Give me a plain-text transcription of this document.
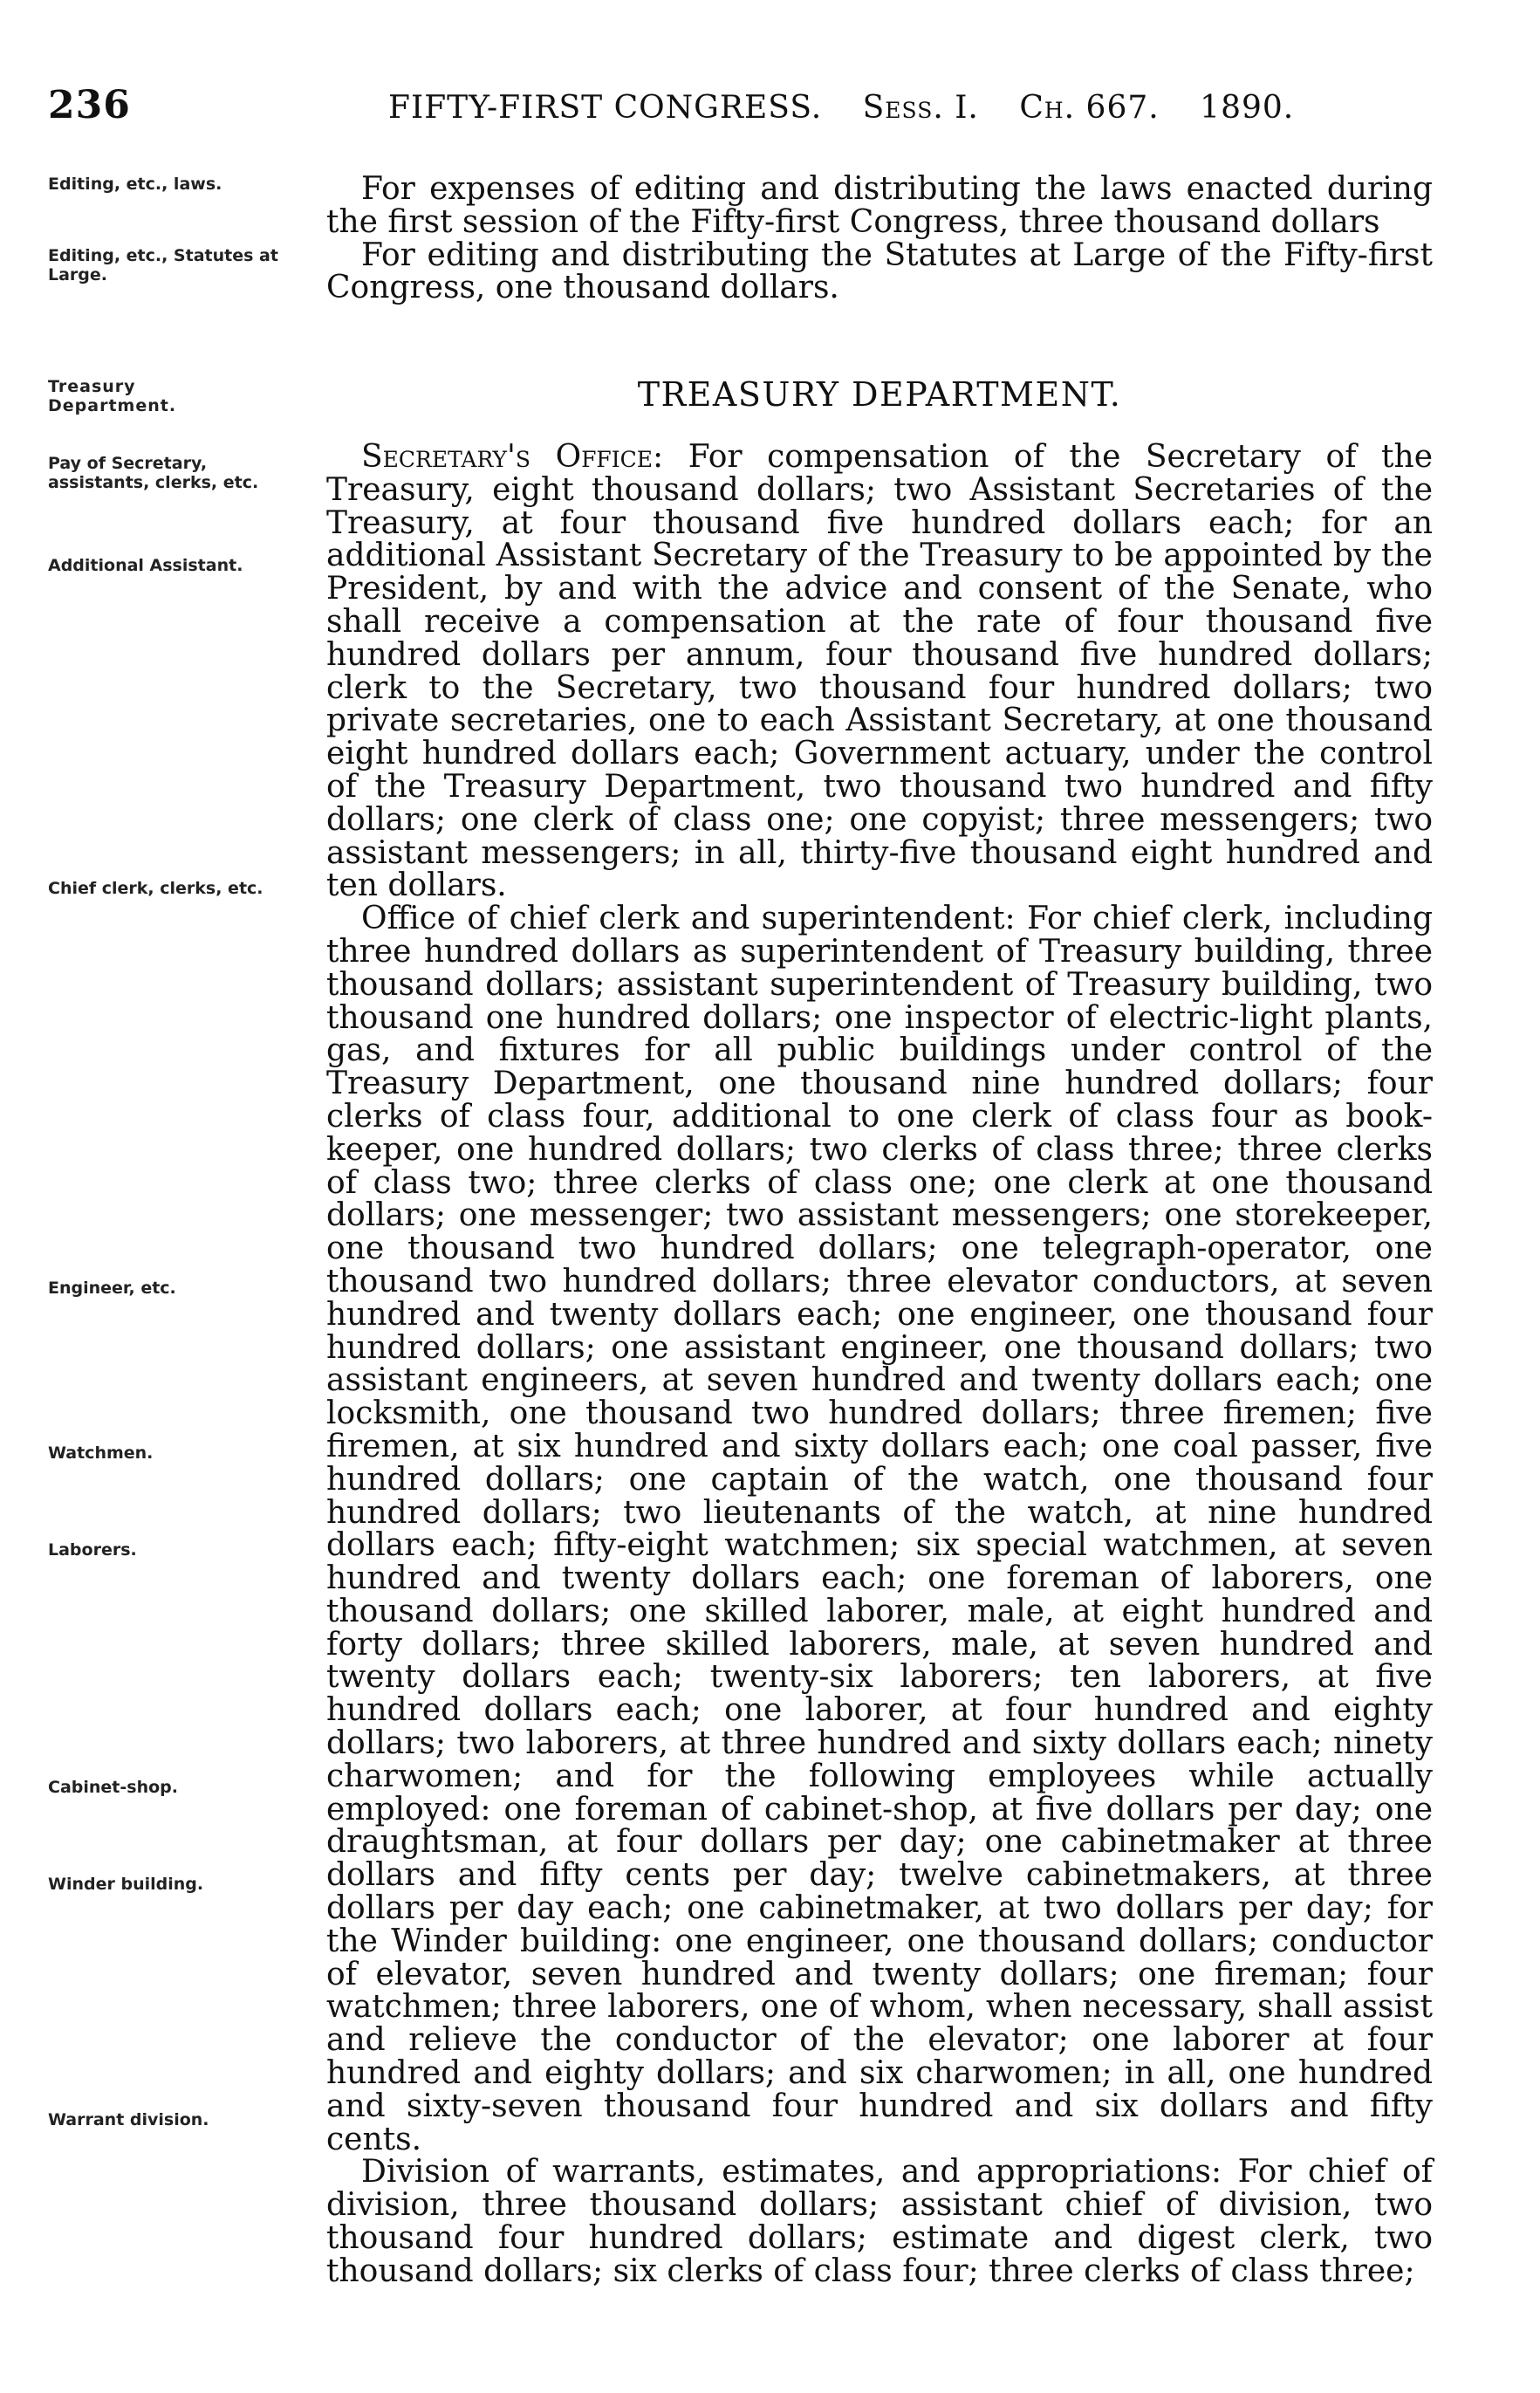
236	FIFTY-FIRST CONGRESS. Sess. I. Ch. 667. 1890.
Editing, etc., laws.
Editing, etc., Statutes at Large.
Treasury Department.
Pay of Secretary, assistants, clerks, etc.
Additional Assistant.
Chief clerk, clerks, etc.
Engineer, etc.
Watchmen.
Laborers.
Cabinet-shop.
Winder building.
Warrant division.

For expenses of editing and distributing the laws enacted during the first session of the Fifty-first Congress, three thousand dollars

For editing and distributing the Statutes at Large of the Fifty-first Congress, one thousand dollars.

TREASURY DEPARTMENT.

Secretary's Office: For compensation of the Secretary of the Treasury, eight thousand dollars; two Assistant Secretaries of the Treasury, at four thousand five hundred dollars each; for an additional Assistant Secretary of the Treasury to be appointed by the President, by and with the advice and consent of the Senate, who shall receive a compensation at the rate of four thousand five hundred dollars per annum, four thousand five hundred dollars; clerk to the Secretary, two thousand four hundred dollars; two private secretaries, one to each Assistant Secretary, at one thousand eight hundred dollars each; Government actuary, under the control of the Treasury Department, two thousand two hundred and fifty dollars; one clerk of class one; one copyist; three messengers; two assistant messengers; in all, thirty-five thousand eight hundred and ten dollars.

Office of chief clerk and superintendent: For chief clerk, including three hundred dollars as superintendent of Treasury building, three thousand dollars; assistant superintendent of Treasury building, two thousand one hundred dollars; one inspector of electric-light plants, gas, and fixtures for all public buildings under control of the Treasury Department, one thousand nine hundred dollars; four clerks of class four, additional to one clerk of class four as book-keeper, one hundred dollars; two clerks of class three; three clerks of class two; three clerks of class one; one clerk at one thousand dollars; one messenger; two assistant messengers; one storekeeper, one thousand two hundred dollars; one telegraph-operator, one thousand two hundred dollars; three elevator conductors, at seven hundred and twenty dollars each; one engineer, one thousand four hundred dollars; one assistant engineer, one thousand dollars; two assistant engineers, at seven hundred and twenty dollars each; one locksmith, one thousand two hundred dollars; three firemen; five firemen, at six hundred and sixty dollars each; one coal passer, five hundred dollars; one captain of the watch, one thousand four hundred dollars; two lieutenants of the watch, at nine hundred dollars each; fifty-eight watchmen; six special watchmen, at seven hundred and twenty dollars each; one foreman of laborers, one thousand dollars; one skilled laborer, male, at eight hundred and forty dollars; three skilled laborers, male, at seven hundred and twenty dollars each; twenty-six laborers; ten laborers, at five hundred dollars each; one laborer, at four hundred and eighty dollars; two laborers, at three hundred and sixty dollars each; ninety charwomen; and for the following employees while actually employed: one foreman of cabinet-shop, at five dollars per day; one draughtsman, at four dollars per day; one cabinetmaker at three dollars and fifty cents per day; twelve cabinetmakers, at three dollars per day each; one cabinetmaker, at two dollars per day; for the Winder building: one engineer, one thousand dollars; conductor of elevator, seven hundred and twenty dollars; one fireman; four watchmen; three laborers, one of whom, when necessary, shall assist and relieve the conductor of the elevator; one laborer at four hundred and eighty dollars; and six charwomen; in all, one hundred and sixty-seven thousand four hundred and six dollars and fifty cents.

Division of warrants, estimates, and appropriations: For chief of division, three thousand dollars; assistant chief of division, two thousand four hundred dollars; estimate and digest clerk, two thousand dollars; six clerks of class four; three clerks of class three;
